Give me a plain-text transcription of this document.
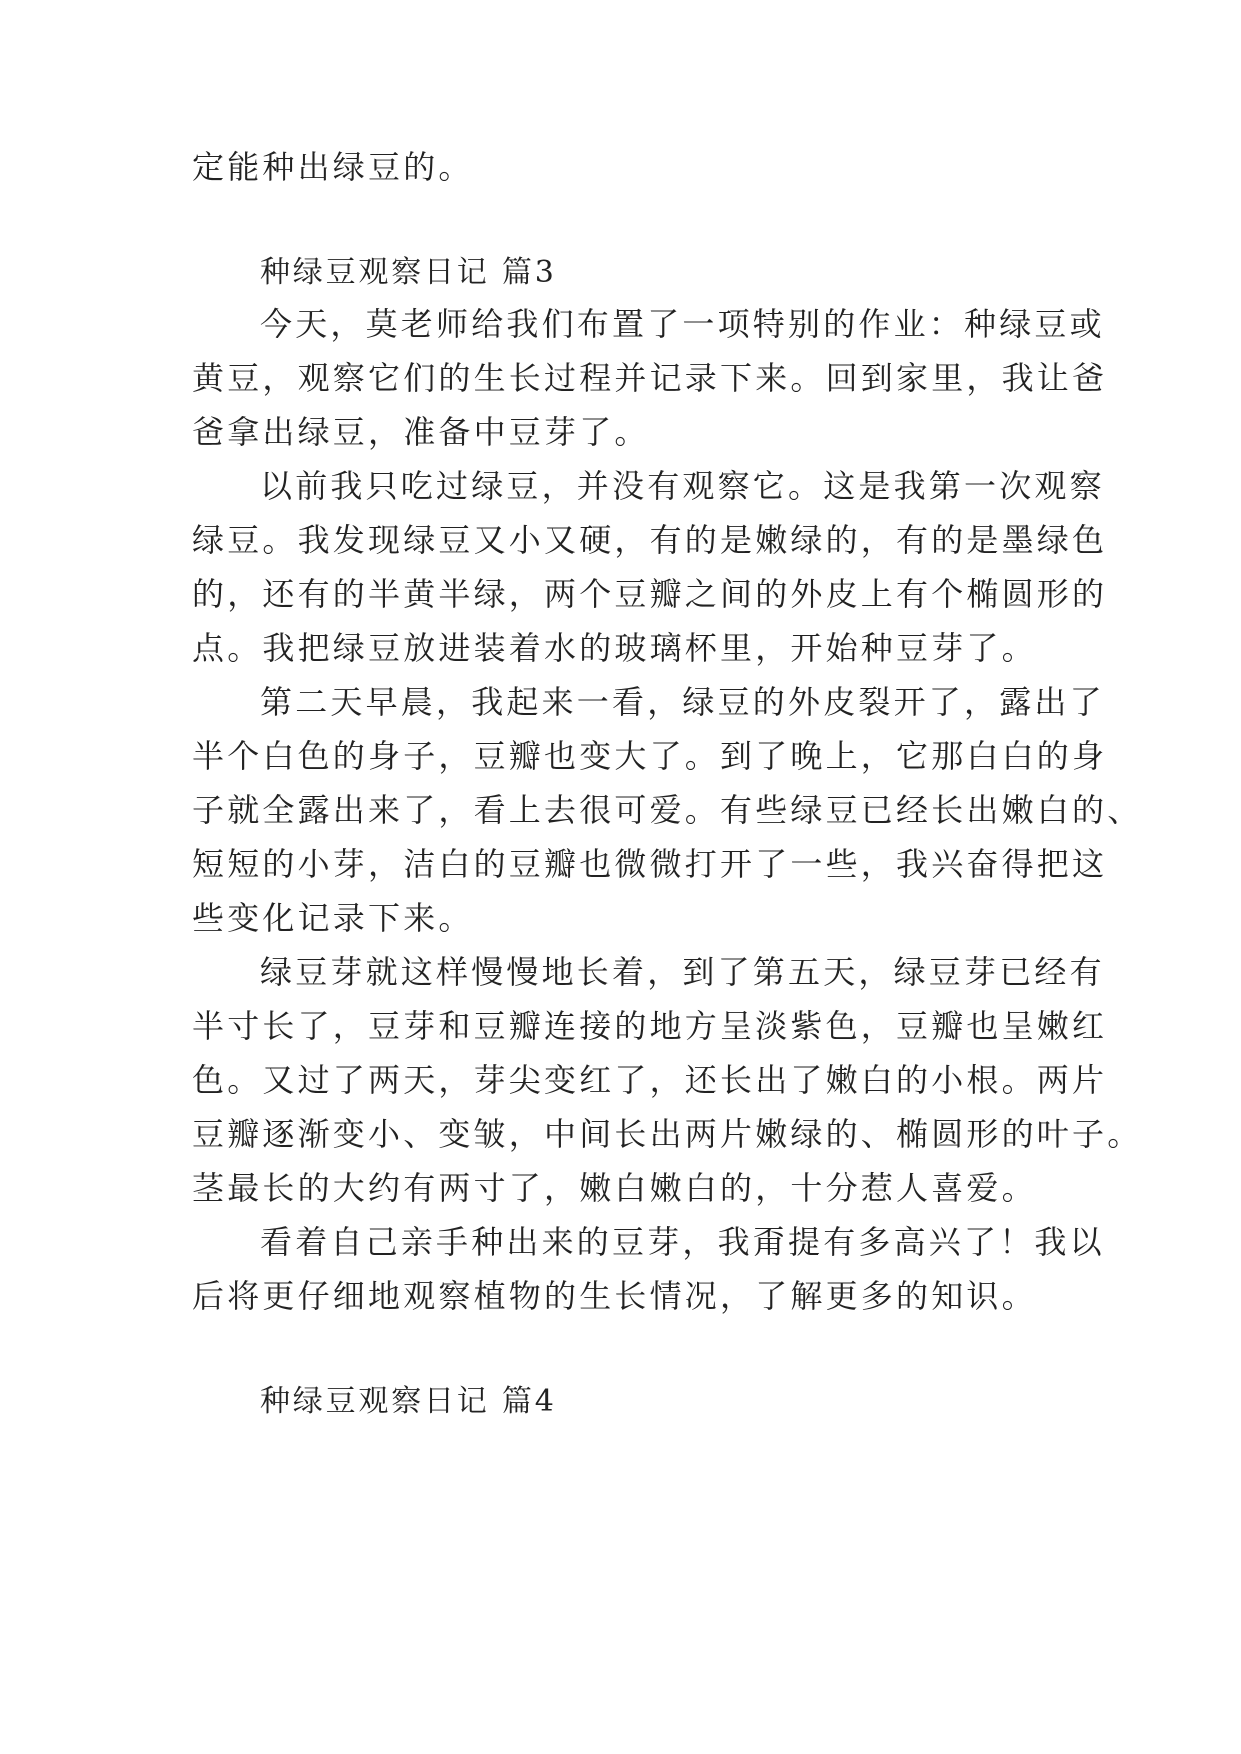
定能种出绿豆的。
种绿豆观察日记 篇3
今天，莫老师给我们布置了一项特别的作业：种绿豆或
黄豆，观察它们的生长过程并记录下来。回到家里，我让爸
爸拿出绿豆，准备中豆芽了。
以前我只吃过绿豆，并没有观察它。这是我第一次观察
绿豆。我发现绿豆又小又硬，有的是嫩绿的，有的是墨绿色
的，还有的半黄半绿，两个豆瓣之间的外皮上有个椭圆形的
点。我把绿豆放进装着水的玻璃杯里，开始种豆芽了。
第二天早晨，我起来一看，绿豆的外皮裂开了，露出了
半个白色的身子，豆瓣也变大了。到了晚上，它那白白的身
子就全露出来了，看上去很可爱。有些绿豆已经长出嫩白的、
短短的小芽，洁白的豆瓣也微微打开了一些，我兴奋得把这
些变化记录下来。
绿豆芽就这样慢慢地长着，到了第五天，绿豆芽已经有
半寸长了，豆芽和豆瓣连接的地方呈淡紫色，豆瓣也呈嫩红
色。又过了两天，芽尖变红了，还长出了嫩白的小根。两片
豆瓣逐渐变小、变皱，中间长出两片嫩绿的、椭圆形的叶子。
茎最长的大约有两寸了，嫩白嫩白的，十分惹人喜爱。
看着自己亲手种出来的豆芽，我甭提有多高兴了！我以
后将更仔细地观察植物的生长情况，了解更多的知识。
种绿豆观察日记 篇4
